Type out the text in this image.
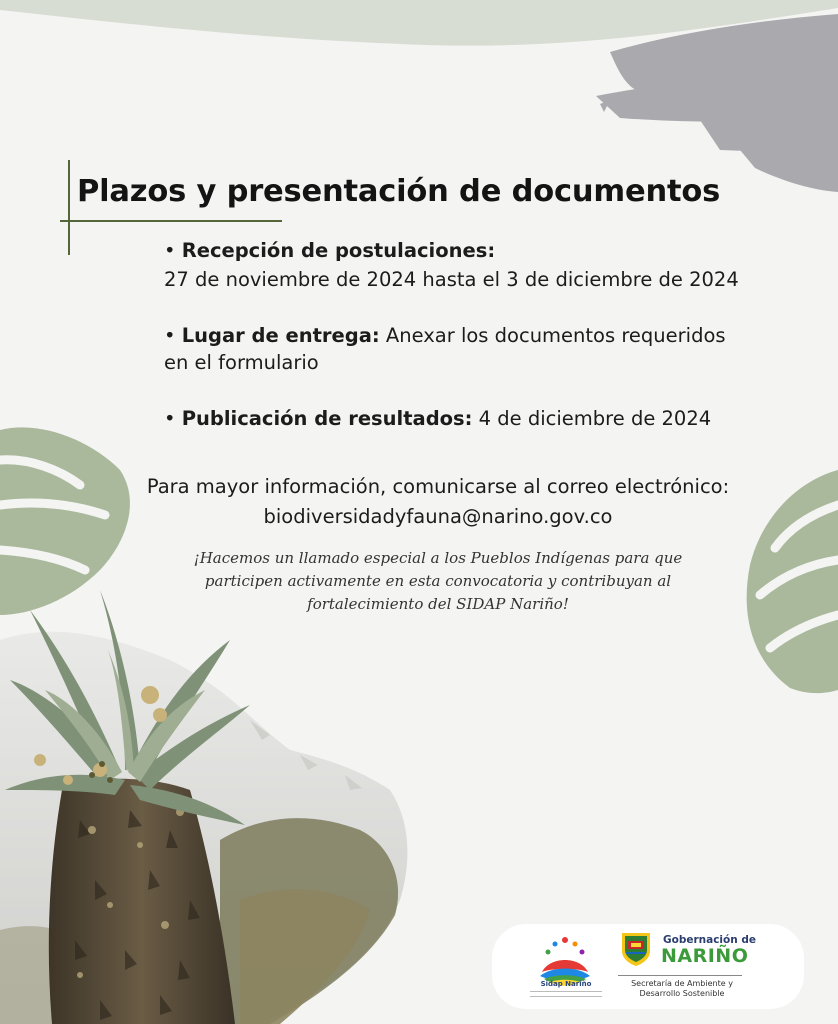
Plazos y presentación de documentos
• Recepción de postulaciones:
27 de noviembre de 2024 hasta el 3 de diciembre de 2024
• Lugar de entrega: Anexar los documentos requeridos en el formulario
• Publicación de resultados: 4 de diciembre de 2024
Para mayor información, comunicarse al correo electrónico:
biodiversidadyfauna@narino.gov.co
¡Hacemos un llamado especial a los Pueblos Indígenas para que participen activamente en esta convocatoria y contribuyan al fortalecimiento del SIDAP Nariño!
Sidap Nariño
Gobernación de
NARIÑO
Secretaría de Ambiente y Desarrollo Sostenible
